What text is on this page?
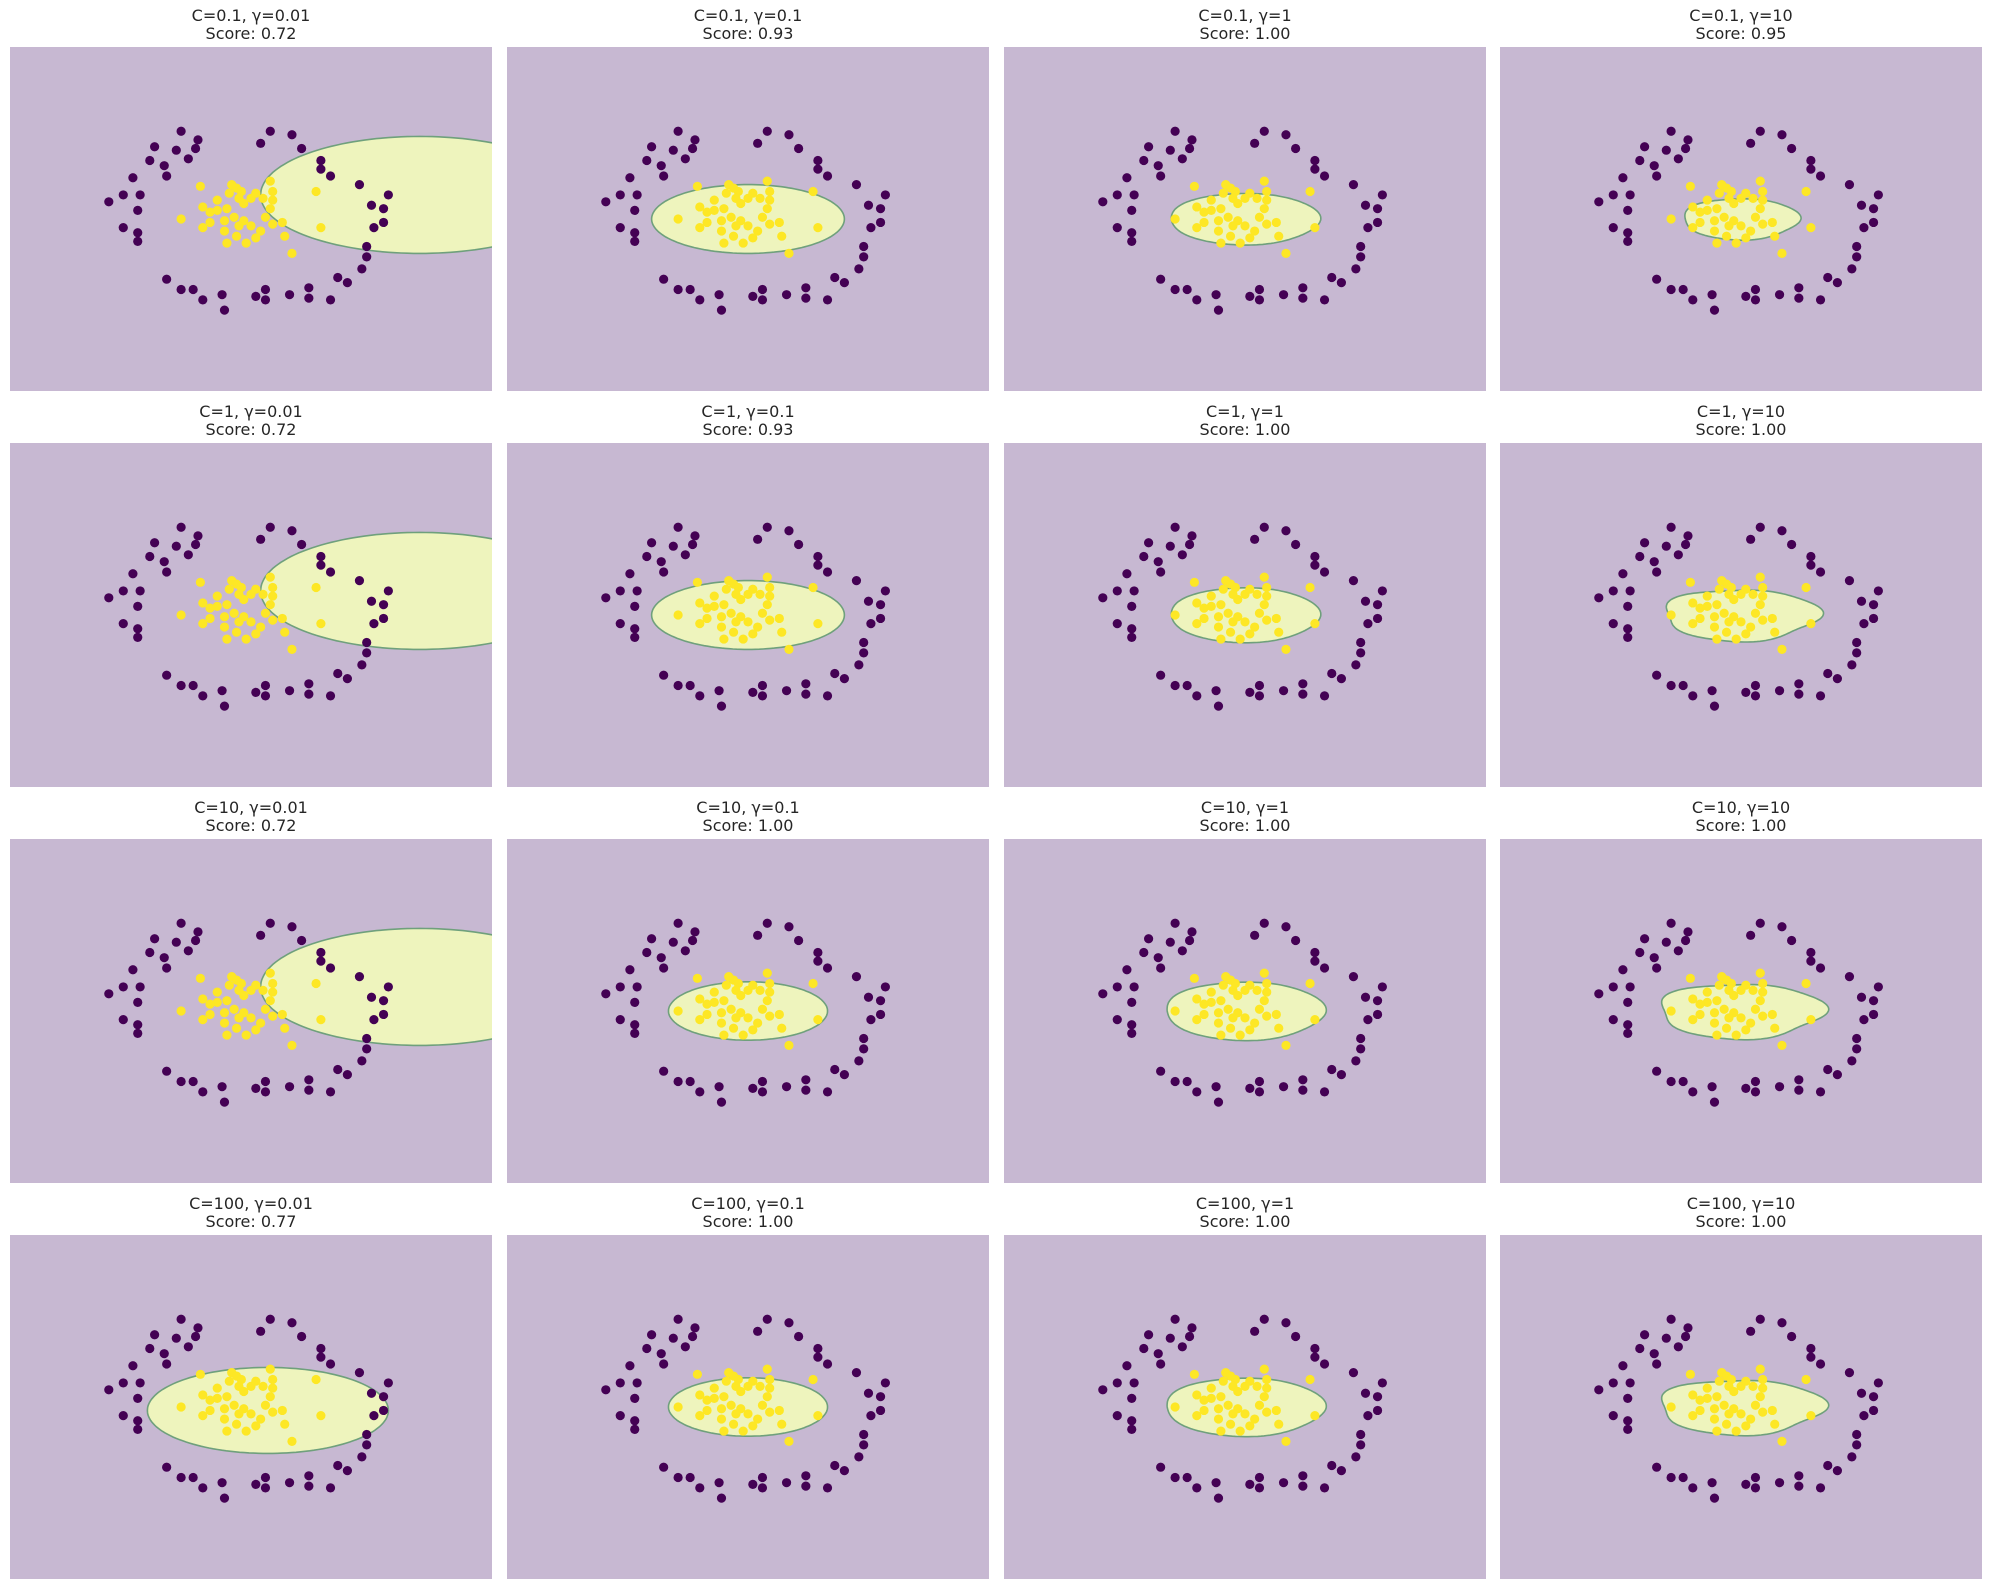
C=0.1, γ=0.01
Score: 0.72
C=0.1, γ=0.1
Score: 0.93
C=0.1, γ=1
Score: 1.00
C=0.1, γ=10
Score: 0.95
C=1, γ=0.01
Score: 0.72
C=1, γ=0.1
Score: 0.93
C=1, γ=1
Score: 1.00
C=1, γ=10
Score: 1.00
C=10, γ=0.01
Score: 0.72
C=10, γ=0.1
Score: 1.00
C=10, γ=1
Score: 1.00
C=10, γ=10
Score: 1.00
C=100, γ=0.01
Score: 0.77
C=100, γ=0.1
Score: 1.00
C=100, γ=1
Score: 1.00
C=100, γ=10
Score: 1.00
